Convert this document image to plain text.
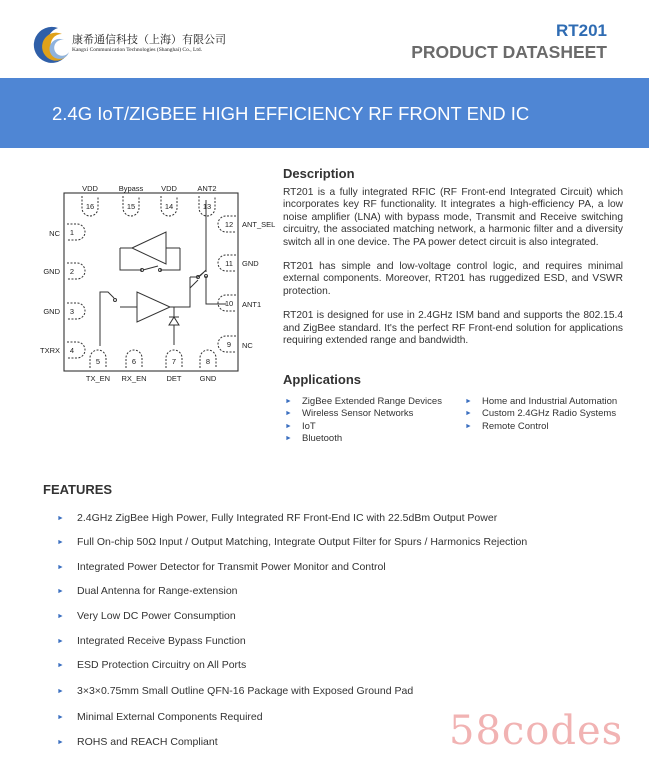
康希通信科技（上海）有限公司
Kangxi Communication Technologies (Shanghai) Co., Ltd.
RT201
PRODUCT DATASHEET
2.4G IoT/ZIGBEE HIGH EFFICIENCY RF FRONT END IC
VDD	Bypass VDD	ANT2
16	15	14	13
NC
GND
GND
TXRX
1
2
3
4
ANT_SEL
GND
ANT1
NC
12
11
10
9
5	6	7	8
TX_EN RX_EN	DET GND
Description

RT201 is a fully integrated RFIC (RF Front-end Integrated Circuit) which incorporates key RF functionality. It integrates a high-efficiency PA, a low noise amplifier (LNA) with bypass mode, Transmit and Receive switching circuitry, the associated matching network, a harmonic filter and a diversity switch all in one device. The PA power detect circuit is also integrated.

RT201 has simple and low-voltage control logic, and requires minimal external components. Moreover, RT201 has ruggedized ESD, and VSWR protection.

RT201 is designed for use in 2.4GHz ISM band and supports the 802.15.4 and ZigBee standard. It's the perfect RF Front-end solution for applications requiring extended range and bandwidth.

Applications
►	ZigBee Extended Range Devices
►	Wireless Sensor Networks
►	IoT
►	Bluetooth
►	Home and Industrial Automation
►	Custom 2.4GHz Radio Systems
►	Remote Control
FEATURES
►	2.4GHz ZigBee High Power, Fully Integrated RF Front-End IC with 22.5dBm Output Power
►	Full On-chip 50Ω Input / Output Matching, Integrate Output Filter for Spurs / Harmonics Rejection
►	Integrated Power Detector for Transmit Power Monitor and Control
►	Dual Antenna for Range-extension
►	Very Low DC Power Consumption
►	Integrated Receive Bypass Function
►	ESD Protection Circuitry on All Ports
►	3×3×0.75mm Small Outline QFN-16 Package with Exposed Ground Pad
►	Minimal External Components Required
►	ROHS and REACH Compliant	58codes
